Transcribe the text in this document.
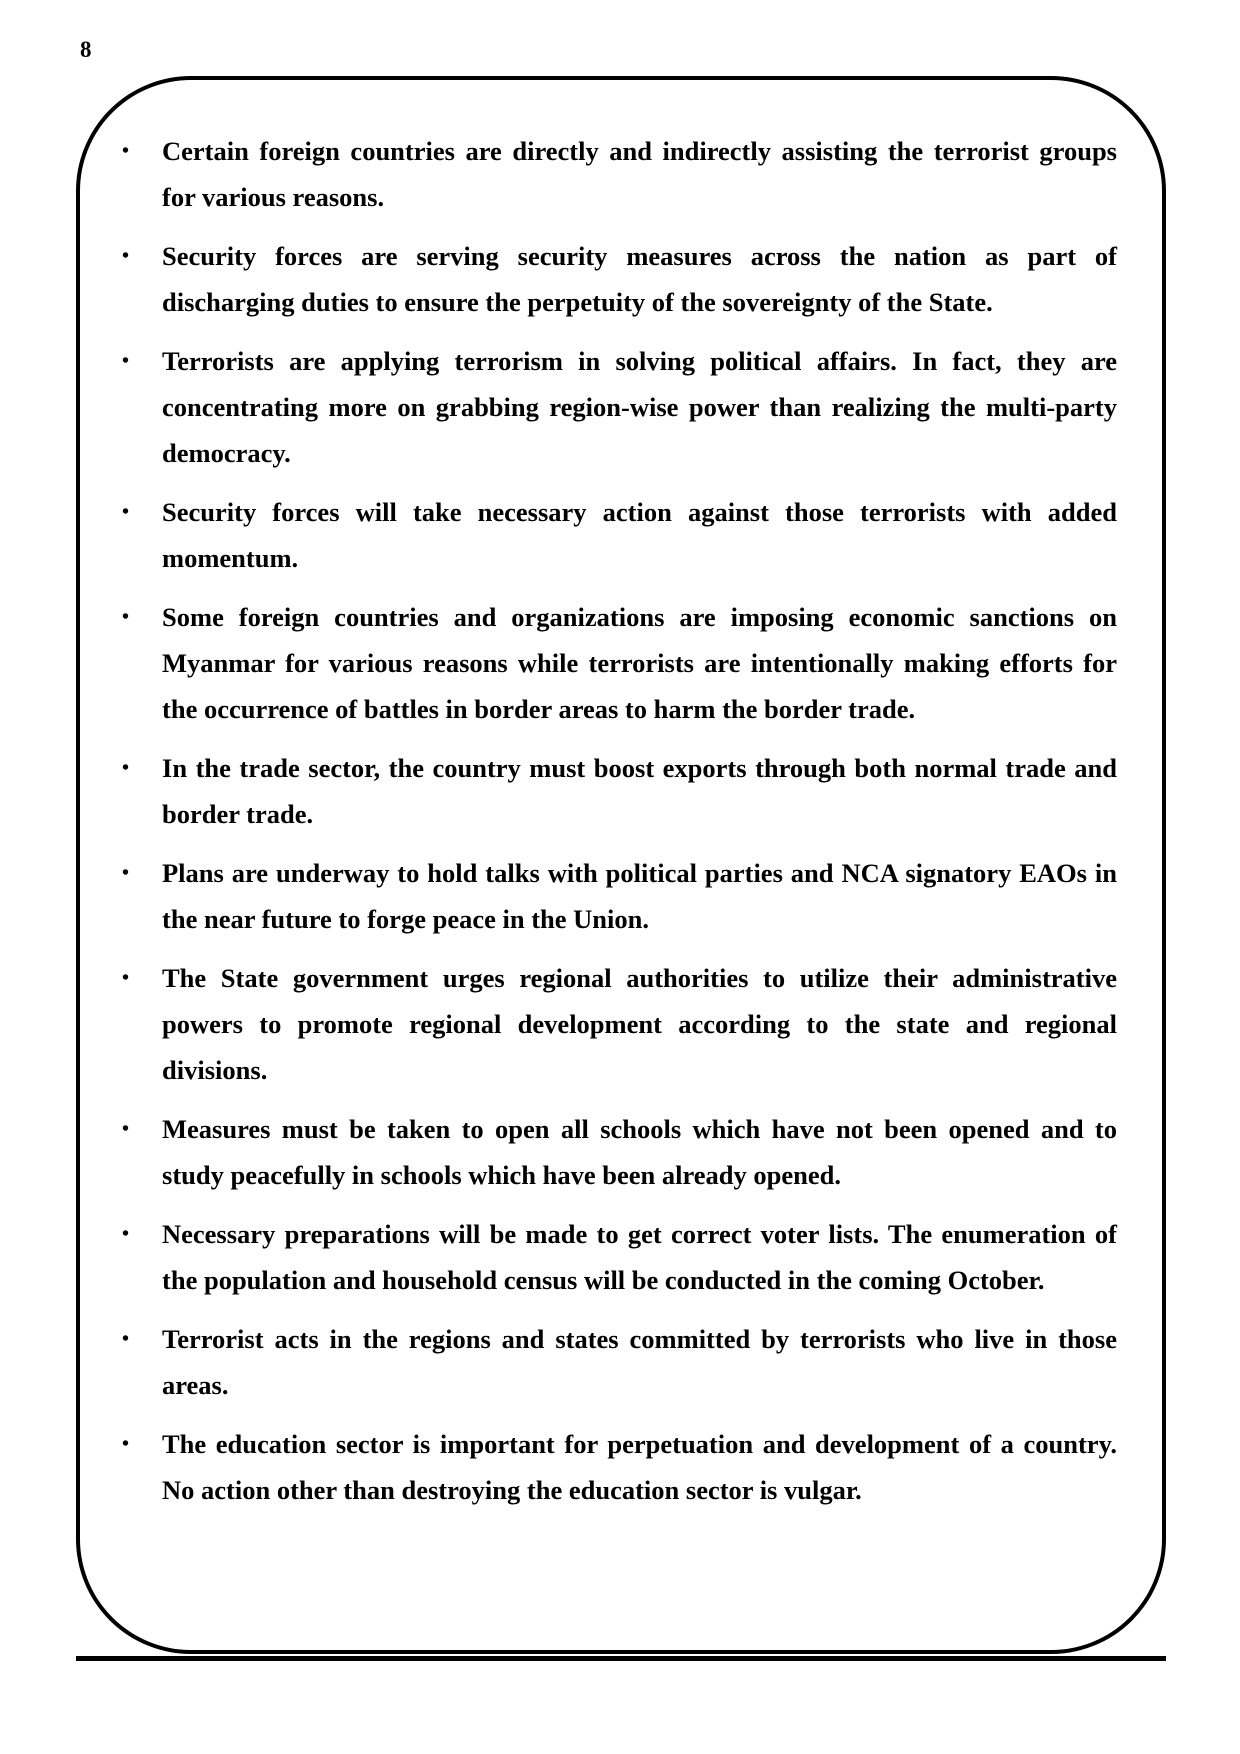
8
• Certain foreign countries are directly and indirectly assisting the terrorist groups for various reasons.
• Security forces are serving security measures across the nation as part of discharging duties to ensure the perpetuity of the sovereignty of the State.
• Terrorists are applying terrorism in solving political affairs. In fact, they are concentrating more on grabbing region-wise power than realizing the multi-party democracy.
• Security forces will take necessary action against those terrorists with added momentum.
• Some foreign countries and organizations are imposing economic sanctions on Myanmar for various reasons while terrorists are intentionally making efforts for the occurrence of battles in border areas to harm the border trade.
• In the trade sector, the country must boost exports through both normal trade and border trade.
• Plans are underway to hold talks with political parties and NCA signatory EAOs in the near future to forge peace in the Union.
• The State government urges regional authorities to utilize their administrative powers to promote regional development according to the state and regional divisions.
• Measures must be taken to open all schools which have not been opened and to study peacefully in schools which have been already opened.
• Necessary preparations will be made to get correct voter lists. The enumeration of the population and household census will be conducted in the coming October.
• Terrorist acts in the regions and states committed by terrorists who live in those areas.
• The education sector is important for perpetuation and development of a country. No action other than destroying the education sector is vulgar.
